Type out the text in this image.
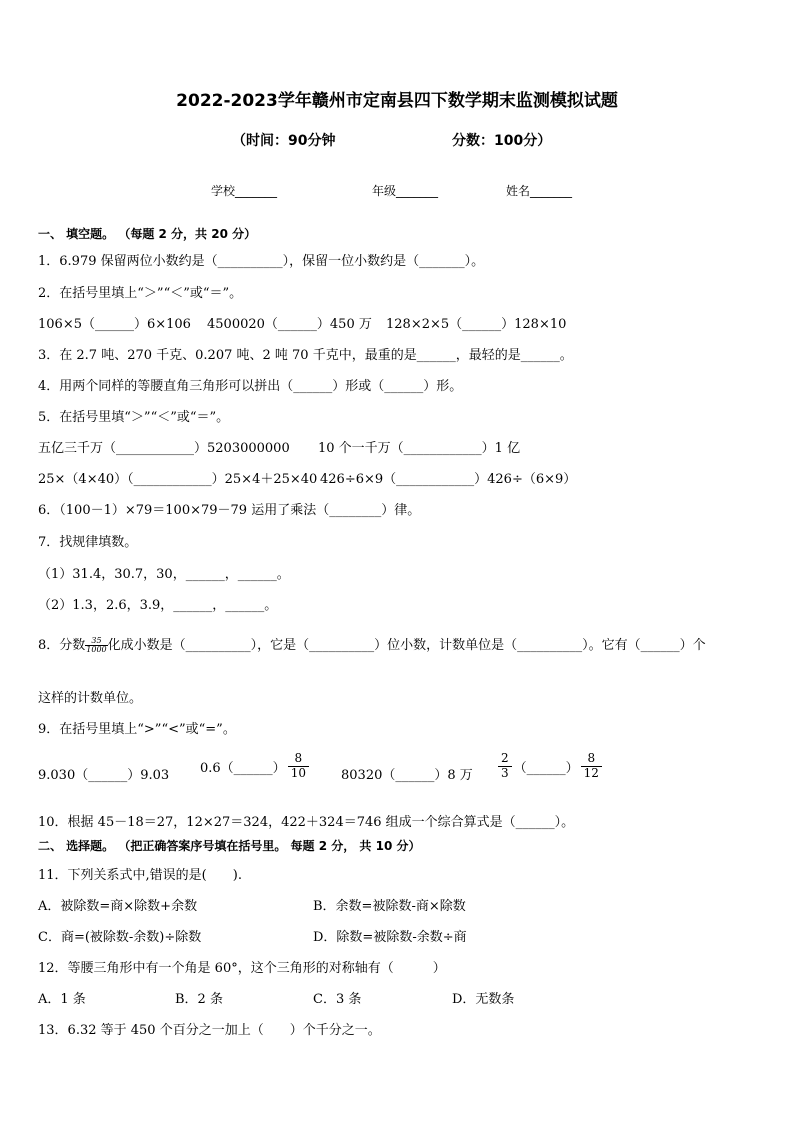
2022-2023学年赣州市定南县四下数学期末监测模拟试题
（时间：90分钟	分数：100分）
学校_______	年级_______	姓名_______
一、 填空题。 （每题 2 分，共 20 分）
1．6.979 保留两位小数约是（__________），保留一位小数约是（_______）。
2．在括号里填上“＞”“＜”或“＝”。
106×5（______）6×106 4500020（______）450 万 128×2×5（______）128×10
3．在 2.7 吨、270 千克、0.207 吨、2 吨 70 千克中，最重的是______，最轻的是______。
4．用两个同样的等腰直角三角形可以拼出（______）形或（______）形。
5．在括号里填“＞”“＜”或“＝”。
五亿三千万（____________）5203000000 10 个一千万（____________）1 亿
25×（4×40）（____________）25×4＋25×40 426÷6×9（____________）426÷（6×9）
6．（100－1）×79＝100×79－79 运用了乘法（________）律。
7．找规律填数。
（1）31.4，30.7，30，______，______。
（2）1.3，2.6，3.9，______，______。
8．分数 $\frac{35}{1000}$ 化成小数是（__________），它是（__________）位小数，计数单位是（__________）。它有（______）个
这样的计数单位。
9．在括号里填上“>”“<”或“=”。
9.030（______）9.03 0.6（______） $\frac{8}{10}$ 80320（______）8 万 $\frac{2}{3}$ （______） $\frac{8}{12}$
10．根据 45－18＝27，12×27＝324，422＋324＝746 组成一个综合算式是（______）。
二、 选择题。 （把正确答案序号填在括号里。 每题 2 分， 共 10 分）
11．下列关系式中,错误的是(　　).
A．被除数=商×除数+余数	B．余数=被除数-商×除数
C．商=(被除数-余数)÷除数	D．除数=被除数-余数÷商
12．等腰三角形中有一个角是 60°，这个三角形的对称轴有（　　　）
A．1 条	B．2 条	C．3 条	D．无数条
13．6.32 等于 450 个百分之一加上（　　）个千分之一。
